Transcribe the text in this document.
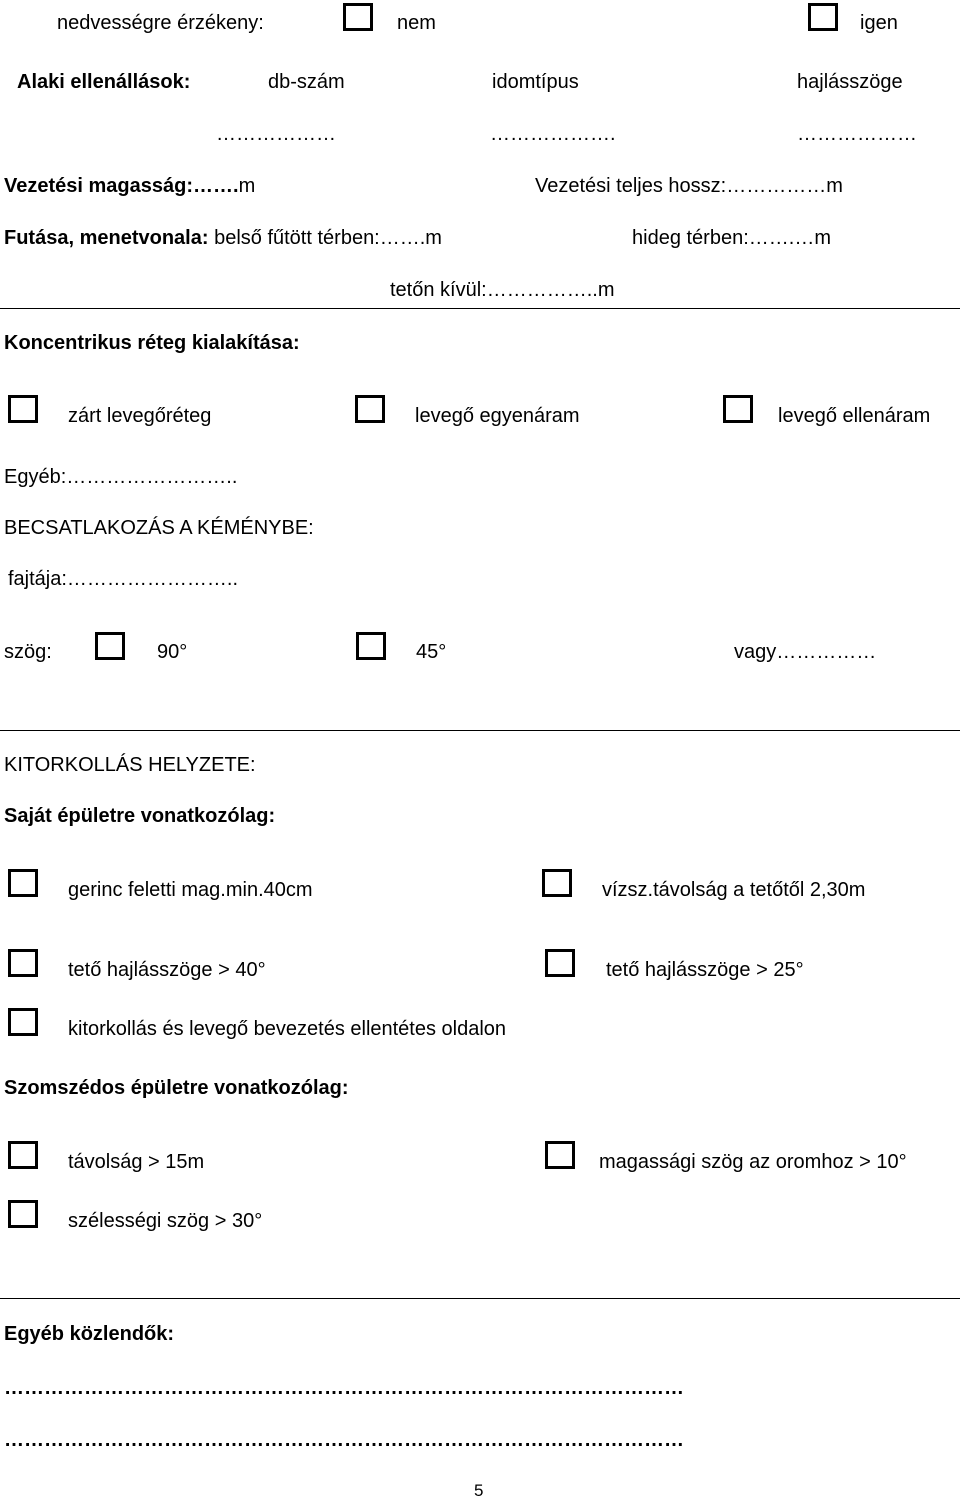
nedvességre érzékeny:	nem	igen
Alaki ellenállások:	db-szám	idomtípus	hajlásszöge
………………	……………….	………………
Vezetési magasság:…….m	Vezetési teljes hossz:……………m
Futása, menetvonala: belső fűtött térben:…….m	hideg térben:…….…m
tetőn kívül:……………..m
Koncentrikus réteg kialakítása:
zárt levegőréteg	levegő egyenáram	levegő ellenáram
Egyéb:……………………..
BECSATLAKOZÁS A KÉMÉNYBE:
fajtája:……………………..
szög:	90°	45°	vagy……………
KITORKOLLÁS HELYZETE:
Saját épületre vonatkozólag:
gerinc feletti mag.min.40cm	vízsz.távolság a tetőtől 2,30m
tető hajlásszöge > 40°	tető hajlásszöge > 25°
kitorkollás és levegő bevezetés ellentétes oldalon
Szomszédos épületre vonatkozólag:
távolság > 15m	magassági szög az oromhoz > 10°
szélességi szög > 30°
Egyéb közlendők:
…………………………………………………………………………………………
…………………………………………………………………………………………
5
